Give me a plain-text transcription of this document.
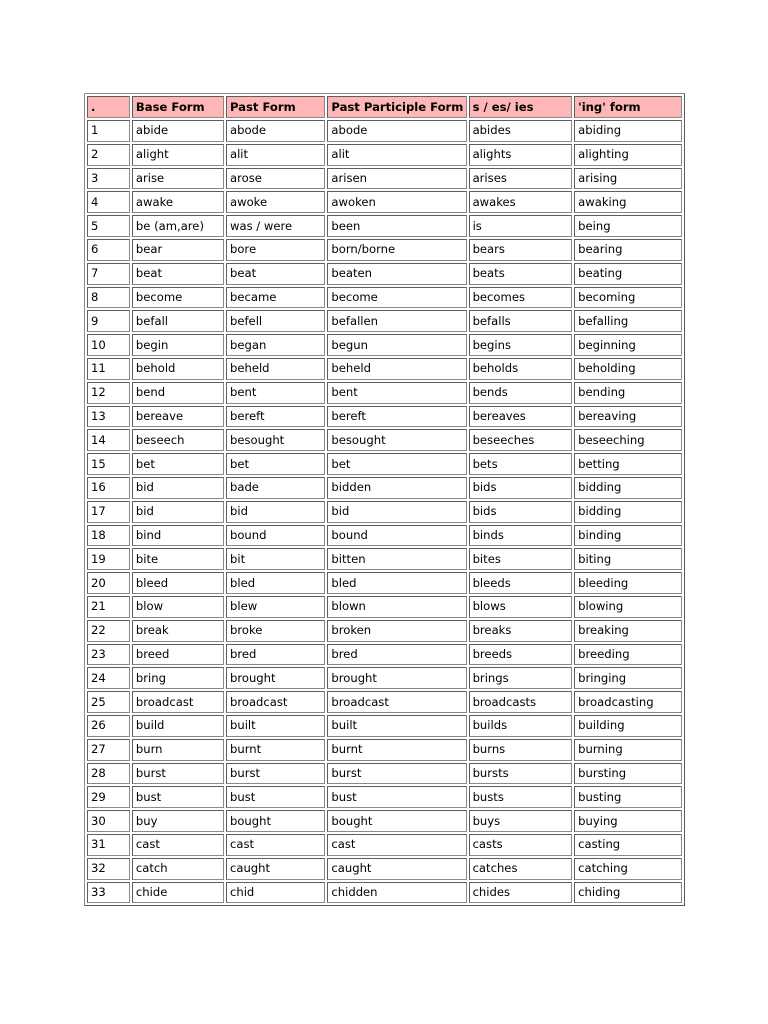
.	Base Form	Past Form	Past Participle Form	s / es/ ies	'ing' form
1	abide	abode	abode	abides	abiding
2	alight	alit	alit	alights	alighting
3	arise	arose	arisen	arises	arising
4	awake	awoke	awoken	awakes	awaking
5	be (am,are)	was / were	been	is	being
6	bear	bore	born/borne	bears	bearing
7	beat	beat	beaten	beats	beating
8	become	became	become	becomes	becoming
9	befall	befell	befallen	befalls	befalling
10	begin	began	begun	begins	beginning
11	behold	beheld	beheld	beholds	beholding
12	bend	bent	bent	bends	bending
13	bereave	bereft	bereft	bereaves	bereaving
14	beseech	besought	besought	beseeches	beseeching
15	bet	bet	bet	bets	betting
16	bid	bade	bidden	bids	bidding
17	bid	bid	bid	bids	bidding
18	bind	bound	bound	binds	binding
19	bite	bit	bitten	bites	biting
20	bleed	bled	bled	bleeds	bleeding
21	blow	blew	blown	blows	blowing
22	break	broke	broken	breaks	breaking
23	breed	bred	bred	breeds	breeding
24	bring	brought	brought	brings	bringing
25	broadcast	broadcast	broadcast	broadcasts	broadcasting
26	build	built	built	builds	building
27	burn	burnt	burnt	burns	burning
28	burst	burst	burst	bursts	bursting
29	bust	bust	bust	busts	busting
30	buy	bought	bought	buys	buying
31	cast	cast	cast	casts	casting
32	catch	caught	caught	catches	catching
33	chide	chid	chidden	chides	chiding
